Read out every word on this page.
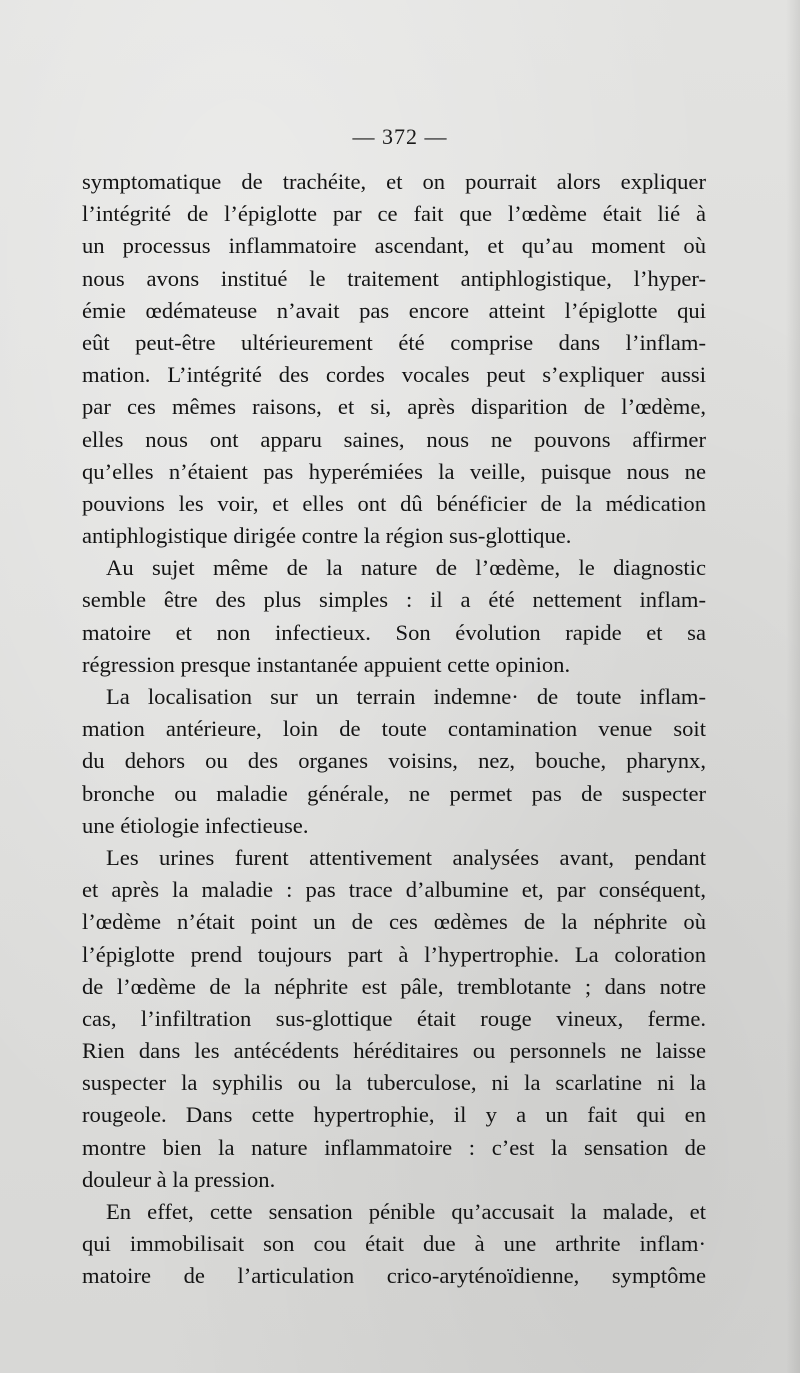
— 372 —
symptomatique de trachéite, et on pourrait alors expliquer
l’intégrité de l’épiglotte par ce fait que l’œdème était lié à
un processus inflammatoire ascendant, et qu’au moment où
nous avons institué le traitement antiphlogistique, l’hyper-
émie œdémateuse n’avait pas encore atteint l’épiglotte qui
eût peut-être ultérieurement été comprise dans l’inflam-
mation. L’intégrité des cordes vocales peut s’expliquer aussi
par ces mêmes raisons, et si, après disparition de l’œdème,
elles nous ont apparu saines, nous ne pouvons affirmer
qu’elles n’étaient pas hyperémiées la veille, puisque nous ne
pouvions les voir, et elles ont dû bénéficier de la médication
antiphlogistique dirigée contre la région sus-glottique.
Au sujet même de la nature de l’œdème, le diagnostic
semble être des plus simples : il a été nettement inflam-
matoire et non infectieux. Son évolution rapide et sa
régression presque instantanée appuient cette opinion.
La localisation sur un terrain indemne· de toute inflam-
mation antérieure, loin de toute contamination venue soit
du dehors ou des organes voisins, nez, bouche, pharynx,
bronche ou maladie générale, ne permet pas de suspecter
une étiologie infectieuse.
Les urines furent attentivement analysées avant, pendant
et après la maladie : pas trace d’albumine et, par conséquent,
l’œdème n’était point un de ces œdèmes de la néphrite où
l’épiglotte prend toujours part à l’hypertrophie. La coloration
de l’œdème de la néphrite est pâle, tremblotante ; dans notre
cas, l’infiltration sus-glottique était rouge vineux, ferme.
Rien dans les antécédents héréditaires ou personnels ne laisse
suspecter la syphilis ou la tuberculose, ni la scarlatine ni la
rougeole. Dans cette hypertrophie, il y a un fait qui en
montre bien la nature inflammatoire : c’est la sensation de
douleur à la pression.
En effet, cette sensation pénible qu’accusait la malade, et
qui immobilisait son cou était due à une arthrite inflam·
matoire de l’articulation crico-aryténoïdienne, symptôme
